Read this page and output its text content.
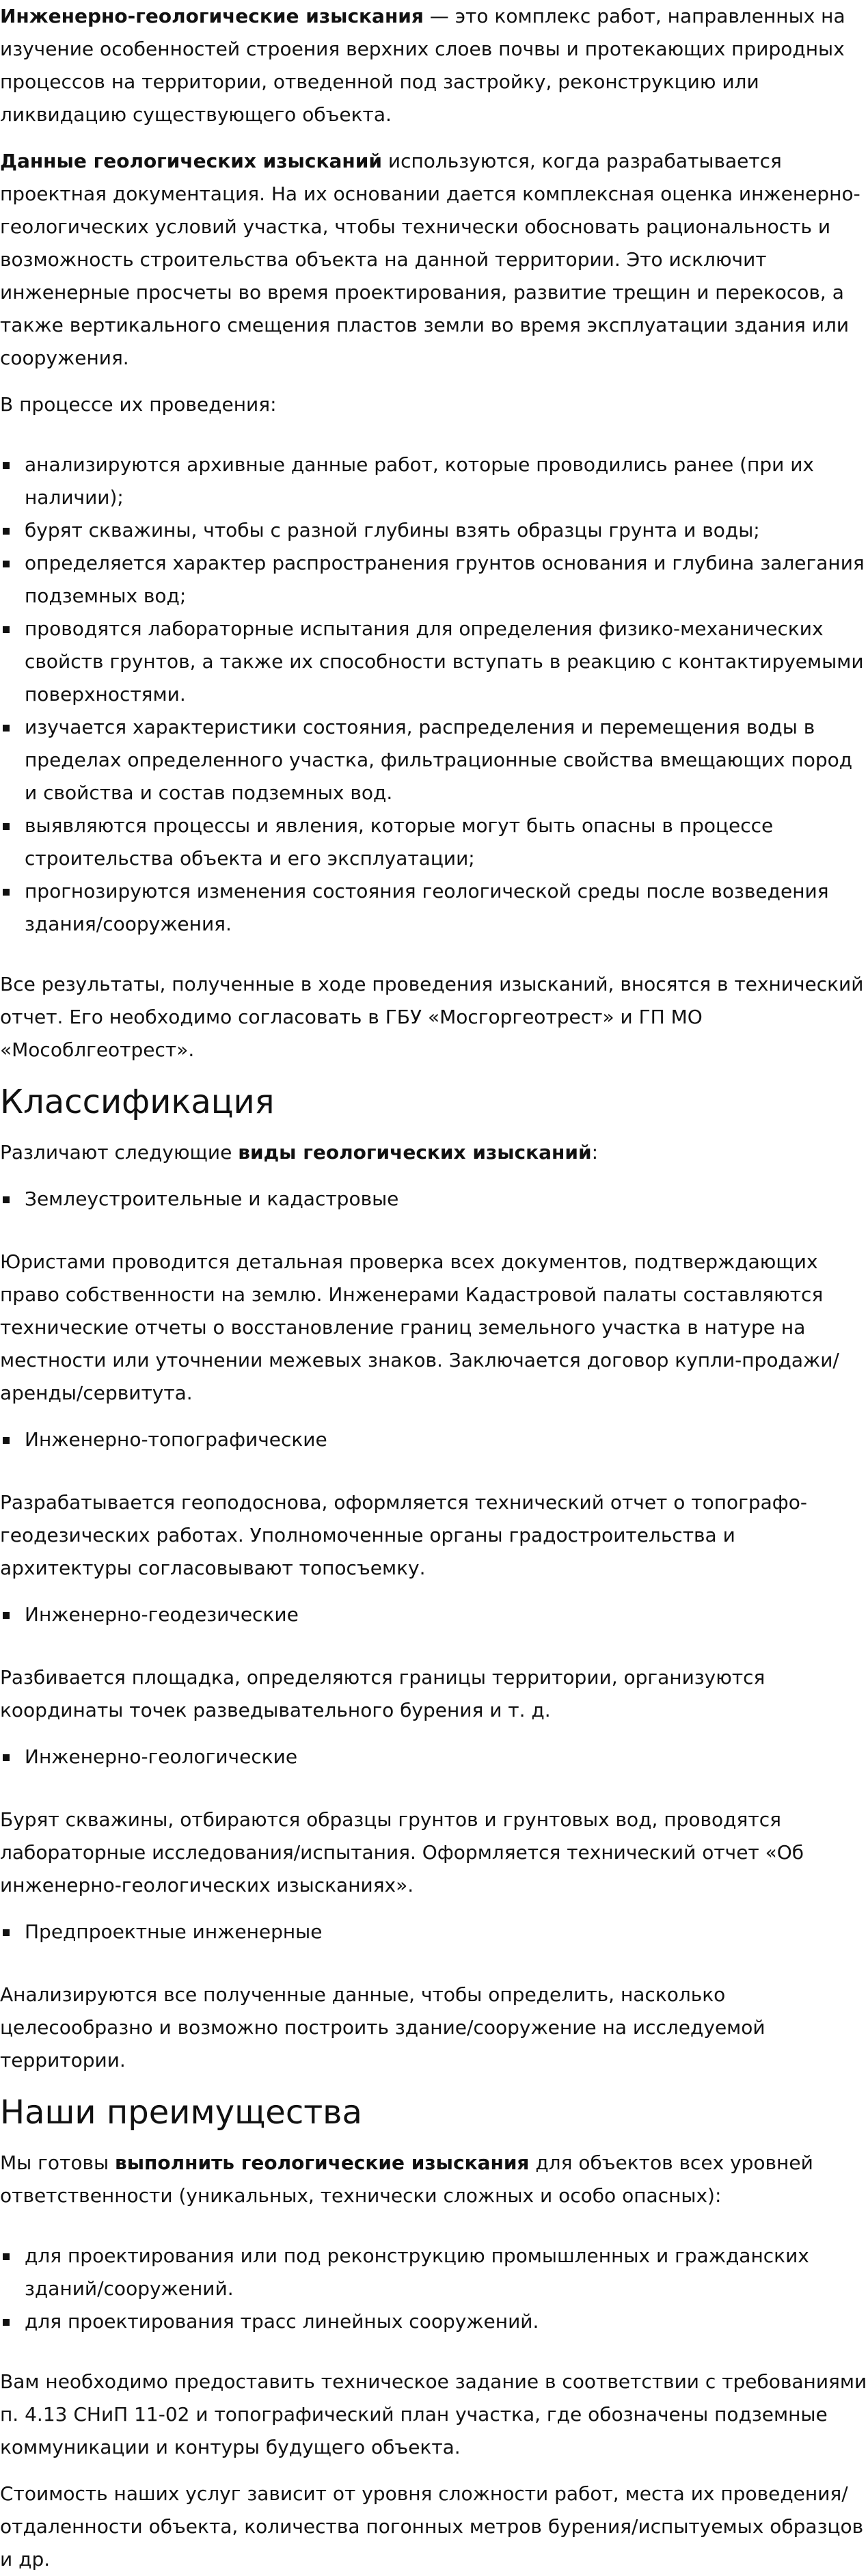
Инженерно-геологические изыскания — это комплекс работ, направленных на изучение особенностей строения верхних слоев почвы и протекающих природных процессов на территории, отведенной под застройку, реконструкцию или ликвидацию существующего объекта.

Данные геологических изысканий используются, когда разрабатывается проектная документация. На их основании дается комплексная оценка инженерно-геологических условий участка, чтобы технически обосновать рациональность и возможность строительства объекта на данной территории. Это исключит инженерные просчеты во время проектирования, развитие трещин и перекосов, а также вертикального смещения пластов земли во время эксплуатации здания или сооружения.

В процессе их проведения:

анализируются архивные данные работ, которые проводились ранее (при их наличии);
бурят скважины, чтобы с разной глубины взять образцы грунта и воды;
определяется характер распространения грунтов основания и глубина залегания подземных вод;
проводятся лабораторные испытания для определения физико-механических свойств грунтов, а также их способности вступать в реакцию с контактируемыми поверхностями.
изучается характеристики состояния, распределения и перемещения воды в пределах определенного участка, фильтрационные свойства вмещающих пород и свойства и состав подземных вод.
выявляются процессы и явления, которые могут быть опасны в процессе строительства объекта и его эксплуатации;
прогнозируются изменения состояния геологической среды после возведения здания/сооружения.

Все результаты, полученные в ходе проведения изысканий, вносятся в технический отчет. Его необходимо согласовать в ГБУ «Мосгоргеотрест» и ГП МО «Мособлгеотрест».

Классификация

Различают следующие виды геологических изысканий:

Землеустроительные и кадастровые

Юристами проводится детальная проверка всех документов, подтверждающих право собственности на землю. Инженерами Кадастровой палаты составляются технические отчеты о восстановление границ земельного участка в натуре на местности или уточнении межевых знаков. Заключается договор купли-продажи/аренды/сервитута.

Инженерно-топографические

Разрабатывается геоподоснова, оформляется технический отчет о топографо-геодезических работах. Уполномоченные органы градостроительства и архитектуры согласовывают топосъемку.

Инженерно-геодезические

Разбивается площадка, определяются границы территории, организуются координаты точек разведывательного бурения и т. д.

Инженерно-геологические

Бурят скважины, отбираются образцы грунтов и грунтовых вод, проводятся лабораторные исследования/испытания. Оформляется технический отчет «Об инженерно-геологических изысканиях».

Предпроектные инженерные

Анализируются все полученные данные, чтобы определить, насколько целесообразно и возможно построить здание/сооружение на исследуемой территории.

Наши преимущества

Мы готовы выполнить геологические изыскания для объектов всех уровней ответственности (уникальных, технически сложных и особо опасных):

для проектирования или под реконструкцию промышленных и гражданских зданий/сооружений.
для проектирования трасс линейных сооружений.

Вам необходимо предоставить техническое задание в соответствии с требованиями п. 4.13 СНиП 11-02 и топографический план участка, где обозначены подземные коммуникации и контуры будущего объекта.

Стоимость наших услуг зависит от уровня сложности работ, места их проведения/отдаленности объекта, количества погонных метров бурения/испытуемых образцов и др.
